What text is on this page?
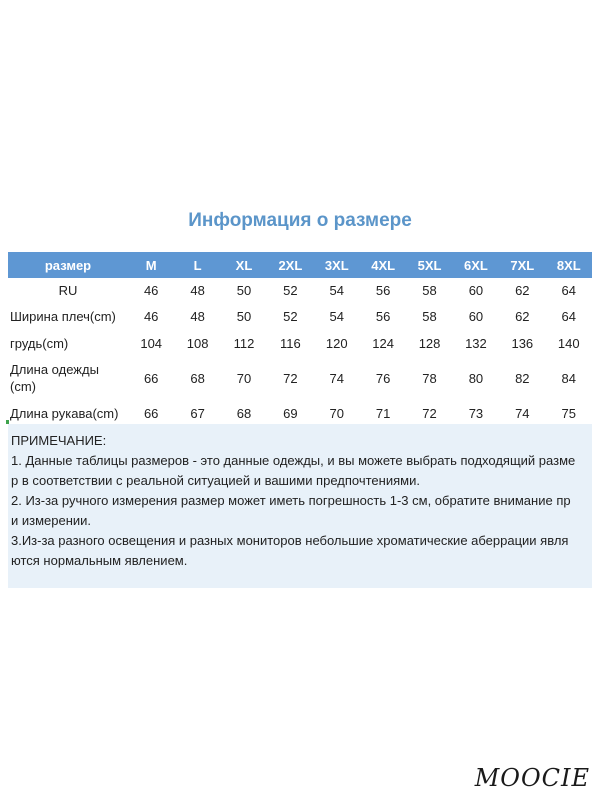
Информация о размере
размер	M	L	XL	2XL	3XL	4XL	5XL	6XL	7XL	8XL
RU	46	48	50	52	54	56	58	60	62	64
Ширина плеч(cm)	46	48	50	52	54	56	58	60	62	64
грудь(cm)	104	108	112	116	120	124	128	132	136	140
Длина одежды (cm)	66	68	70	72	74	76	78	80	82	84
Длина рукава(cm)	66	67	68	69	70	71	72	73	74	75
ПРИМЕЧАНИЕ:
1. Данные таблицы размеров - это данные одежды, и вы можете выбрать подходящий разме
р в соответствии с реальной ситуацией и вашими предпочтениями.
2. Из-за ручного измерения размер может иметь погрешность 1-3 см, обратите внимание пр
и измерении.
3.Из-за разного освещения и разных мониторов небольшие хроматические аберрации явля
ются нормальным явлением.
MOOCIE
